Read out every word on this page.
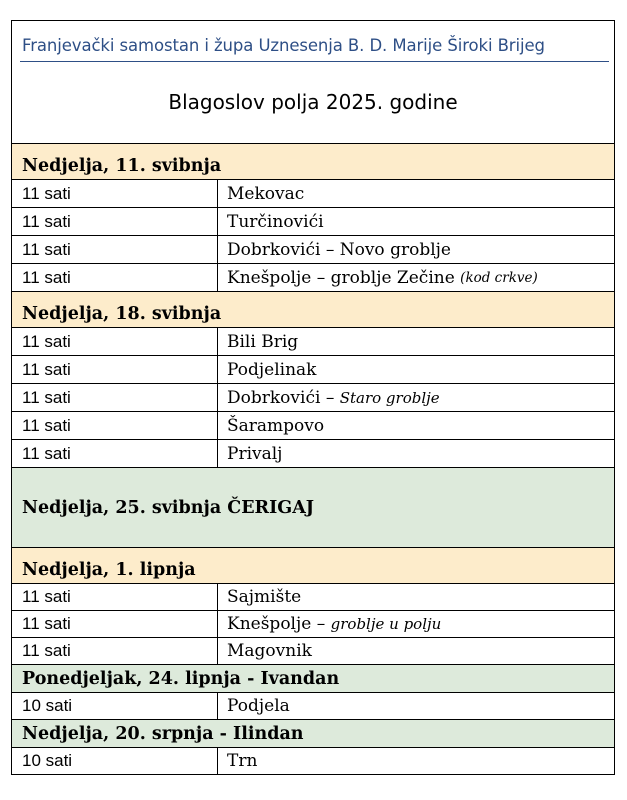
Franjevački samostan i župa Uznesenja B. D. Marije Široki Brijeg
Blagoslov polja 2025. godine
Nedjelja, 11. svibnja
11 sati	Mekovac
11 sati	Turčinovići
11 sati	Dobrkovići – Novo groblje
11 sati	Knešpolje – groblje Zečine
(kod crkve)
Nedjelja, 18. svibnja
11 sati	Bili Brig
11 sati	Podjelinak
11 sati	Dobrkovići –
Staro groblje
11 sati	Šarampovo
11 sati	Privalj
Nedjelja, 25. svibnja ČERIGAJ
Nedjelja, 1. lipnja
11 sati	Sajmište
11 sati	Knešpolje –
groblje u polju
11 sati	Magovnik
Ponedjeljak, 24. lipnja - Ivandan
10 sati	Podjela
Nedjelja, 20. srpnja - Ilindan
10 sati	Trn
